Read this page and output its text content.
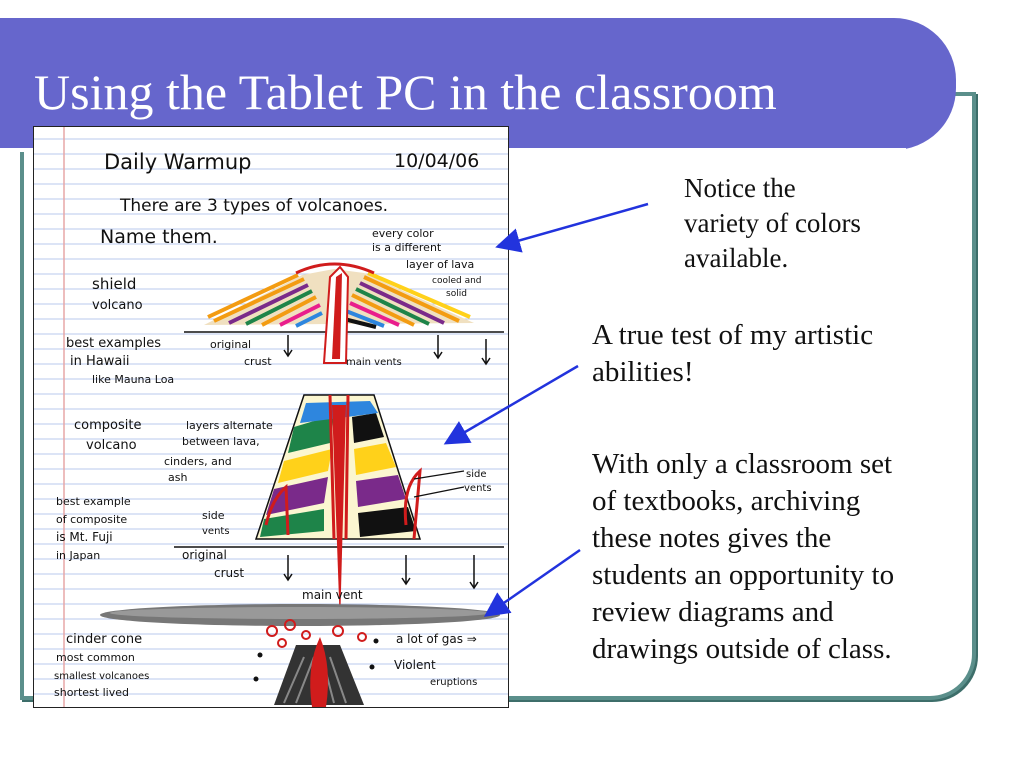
Using the Tablet PC in the classroom
Daily Warmup	10/04/06
There are 3 types of volcanoes.
Name them.
shield
volcano
best examples
in Hawaii
like Mauna Loa
every color
is a different
layer of lava
cooled and
solid
original
crust	main vents
composite
volcano
layers alternate
between lava,
cinders, and
ash
best example
of composite
is Mt. Fuji
in Japan
side
vents
side
vents
original
crust
main vent
cinder cone
most common
smallest volcanoes
shortest lived
a lot of gas ⇒
Violent
eruptions
Notice the
variety of colors
available.
A true test of my artistic
abilities!
With only a classroom set
of textbooks, archiving
these notes gives the
students an opportunity to
review diagrams and
drawings outside of class.
